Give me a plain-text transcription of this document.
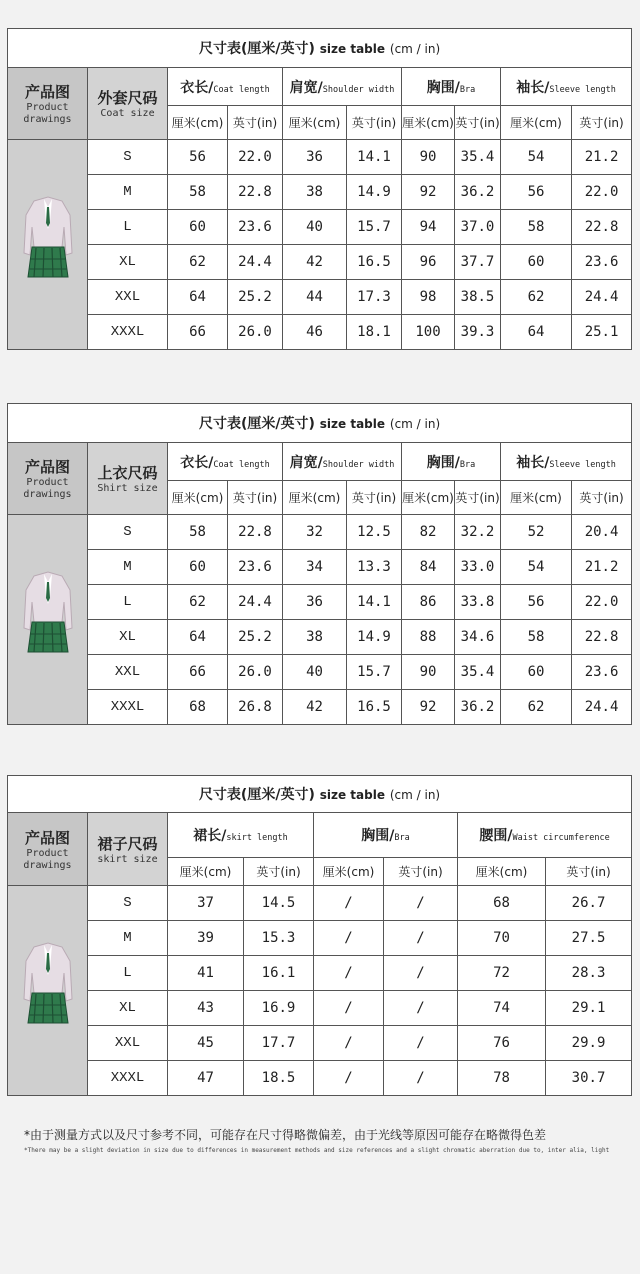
尺寸表(厘米/英寸) size table (cm / in)									

产品图
Product
drawings	外套尺码
Coat size	衣长/Coat length		肩宽/Shoulder width		胸围/Bra		袖长/Sleeve length	
		厘米(cm)	英寸(in)	厘米(cm)	英寸(in)	厘米(cm)	英寸(in)	厘米(cm)	英寸(in)
	S	56	22.0	36	14.1	90	35.4	54	21.2
	M	58	22.8	38	14.9	92	36.2	56	22.0
	L	60	23.6	40	15.7	94	37.0	58	22.8
	XL	62	24.4	42	16.5	96	37.7	60	23.6
	XXL	64	25.2	44	17.3	98	38.5	62	24.4
	XXXL	66	26.0	46	18.1	100	39.3	64	25.1
尺寸表(厘米/英寸) size table (cm / in)									

产品图
Product
drawings	上衣尺码
Shirt size	衣长/Coat length		肩宽/Shoulder width		胸围/Bra		袖长/Sleeve length	
		厘米(cm)	英寸(in)	厘米(cm)	英寸(in)	厘米(cm)	英寸(in)	厘米(cm)	英寸(in)
	S	58	22.8	32	12.5	82	32.2	52	20.4
	M	60	23.6	34	13.3	84	33.0	54	21.2
	L	62	24.4	36	14.1	86	33.8	56	22.0
	XL	64	25.2	38	14.9	88	34.6	58	22.8
	XXL	66	26.0	40	15.7	90	35.4	60	23.6
	XXXL	68	26.8	42	16.5	92	36.2	62	24.4
尺寸表(厘米/英寸) size table (cm / in)							

产品图
Product
drawings	裙子尺码
skirt size	裙长/skirt length		胸围/Bra		腰围/Waist circumference	
		厘米(cm)	英寸(in)	厘米(cm)	英寸(in)	厘米(cm)	英寸(in)
	S	37	14.5	/	/	68	26.7
	M	39	15.3	/	/	70	27.5
	L	41	16.1	/	/	72	28.3
	XL	43	16.9	/	/	74	29.1
	XXL	45	17.7	/	/	76	29.9
	XXXL	47	18.5	/	/	78	30.7
*由于测量方式以及尺寸参考不同，可能存在尺寸得略微偏差，由于光线等原因可能存在略微得色差
*There may be a slight deviation in size due to differences in measurement methods and size references and a slight chromatic aberration due to, inter alia, light
